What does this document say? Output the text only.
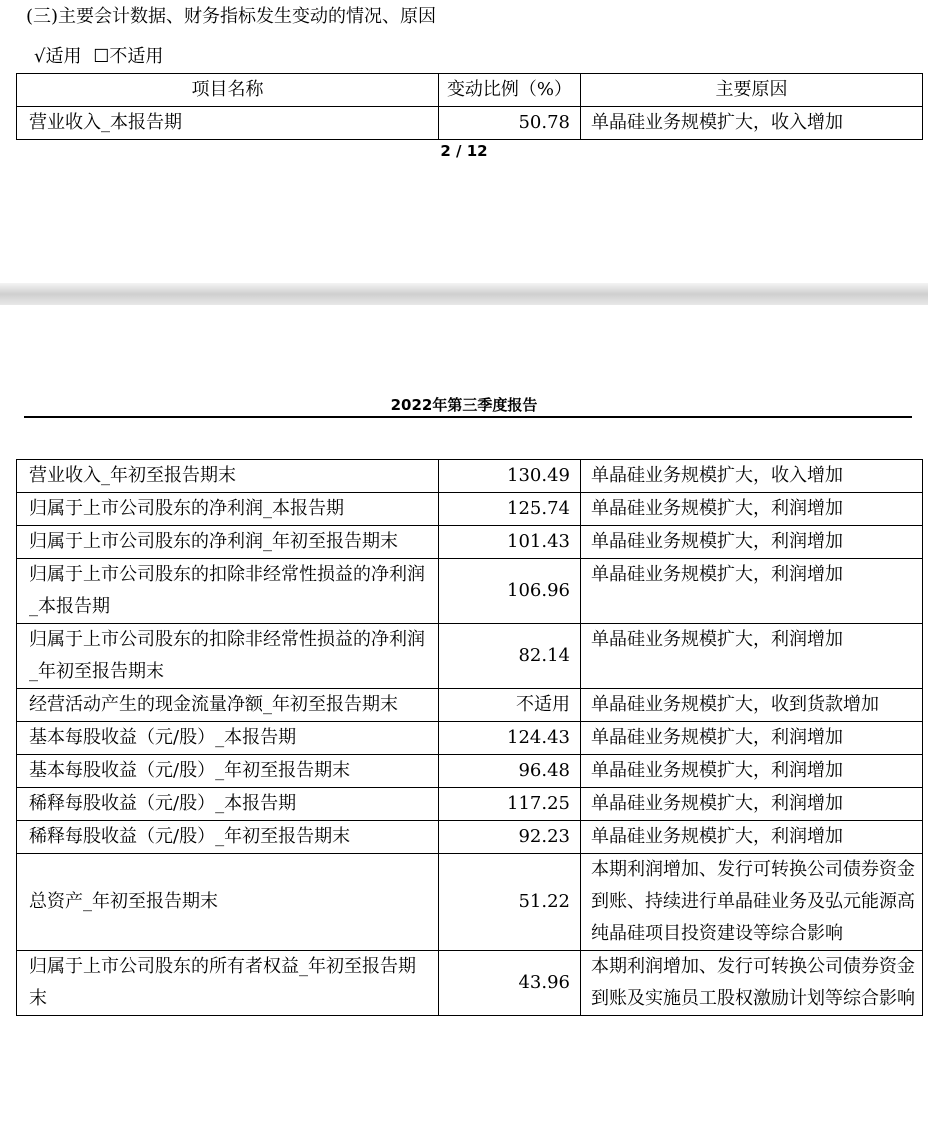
(三)主要会计数据、财务指标发生变动的情况、原因
√适用 ☐不适用
项目名称	变动比例（%）	主要原因
营业收入_本报告期	50.78	单晶硅业务规模扩大，收入增加
2 / 12
2022年第三季度报告
营业收入_年初至报告期末	130.49	单晶硅业务规模扩大，收入增加
归属于上市公司股东的净利润_本报告期	125.74	单晶硅业务规模扩大，利润增加
归属于上市公司股东的净利润_年初至报告期末	101.43	单晶硅业务规模扩大，利润增加
归属于上市公司股东的扣除非经常性损益的净利润_本报告期	106.96	单晶硅业务规模扩大，利润增加
归属于上市公司股东的扣除非经常性损益的净利润_年初至报告期末	82.14	单晶硅业务规模扩大，利润增加
经营活动产生的现金流量净额_年初至报告期末	不适用	单晶硅业务规模扩大，收到货款增加
基本每股收益（元/股）_本报告期	124.43	单晶硅业务规模扩大，利润增加
基本每股收益（元/股）_年初至报告期末	96.48	单晶硅业务规模扩大，利润增加
稀释每股收益（元/股）_本报告期	117.25	单晶硅业务规模扩大，利润增加
稀释每股收益（元/股）_年初至报告期末	92.23	单晶硅业务规模扩大，利润增加
总资产_年初至报告期末	51.22	本期利润增加、发行可转换公司债券资金到账、持续进行单晶硅业务及弘元能源高纯晶硅项目投资建设等综合影响
归属于上市公司股东的所有者权益_年初至报告期末	43.96	本期利润增加、发行可转换公司债券资金到账及实施员工股权激励计划等综合影响
